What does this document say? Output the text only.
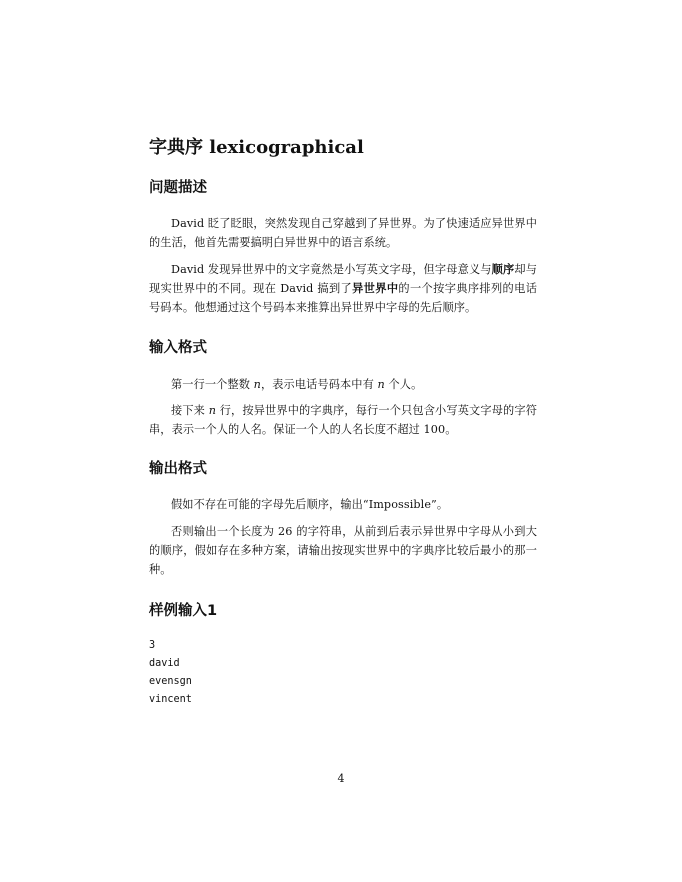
字典序 lexicographical
问题描述

David 眨了眨眼，突然发现自己穿越到了异世界。为了快速适应异世界中的生活，他首先需要搞明白异世界中的语言系统。

David 发现异世界中的文字竟然是小写英文字母，但字母意义与顺序却与现实世界中的不同。现在 David 搞到了异世界中的一个按字典序排列的电话号码本。他想通过这个号码本来推算出异世界中字母的先后顺序。

输入格式

第一行一个整数 n，表示电话号码本中有 n 个人。

接下来 n 行，按异世界中的字典序，每行一个只包含小写英文字母的字符串，表示一个人的人名。保证一个人的人名长度不超过 100。

输出格式

假如不存在可能的字母先后顺序，输出“Impossible”。

否则输出一个长度为 26 的字符串，从前到后表示异世界中字母从小到大的顺序，假如存在多种方案，请输出按现实世界中的字典序比较后最小的那一种。

样例输入1
3
david
evensgn
vincent
4
